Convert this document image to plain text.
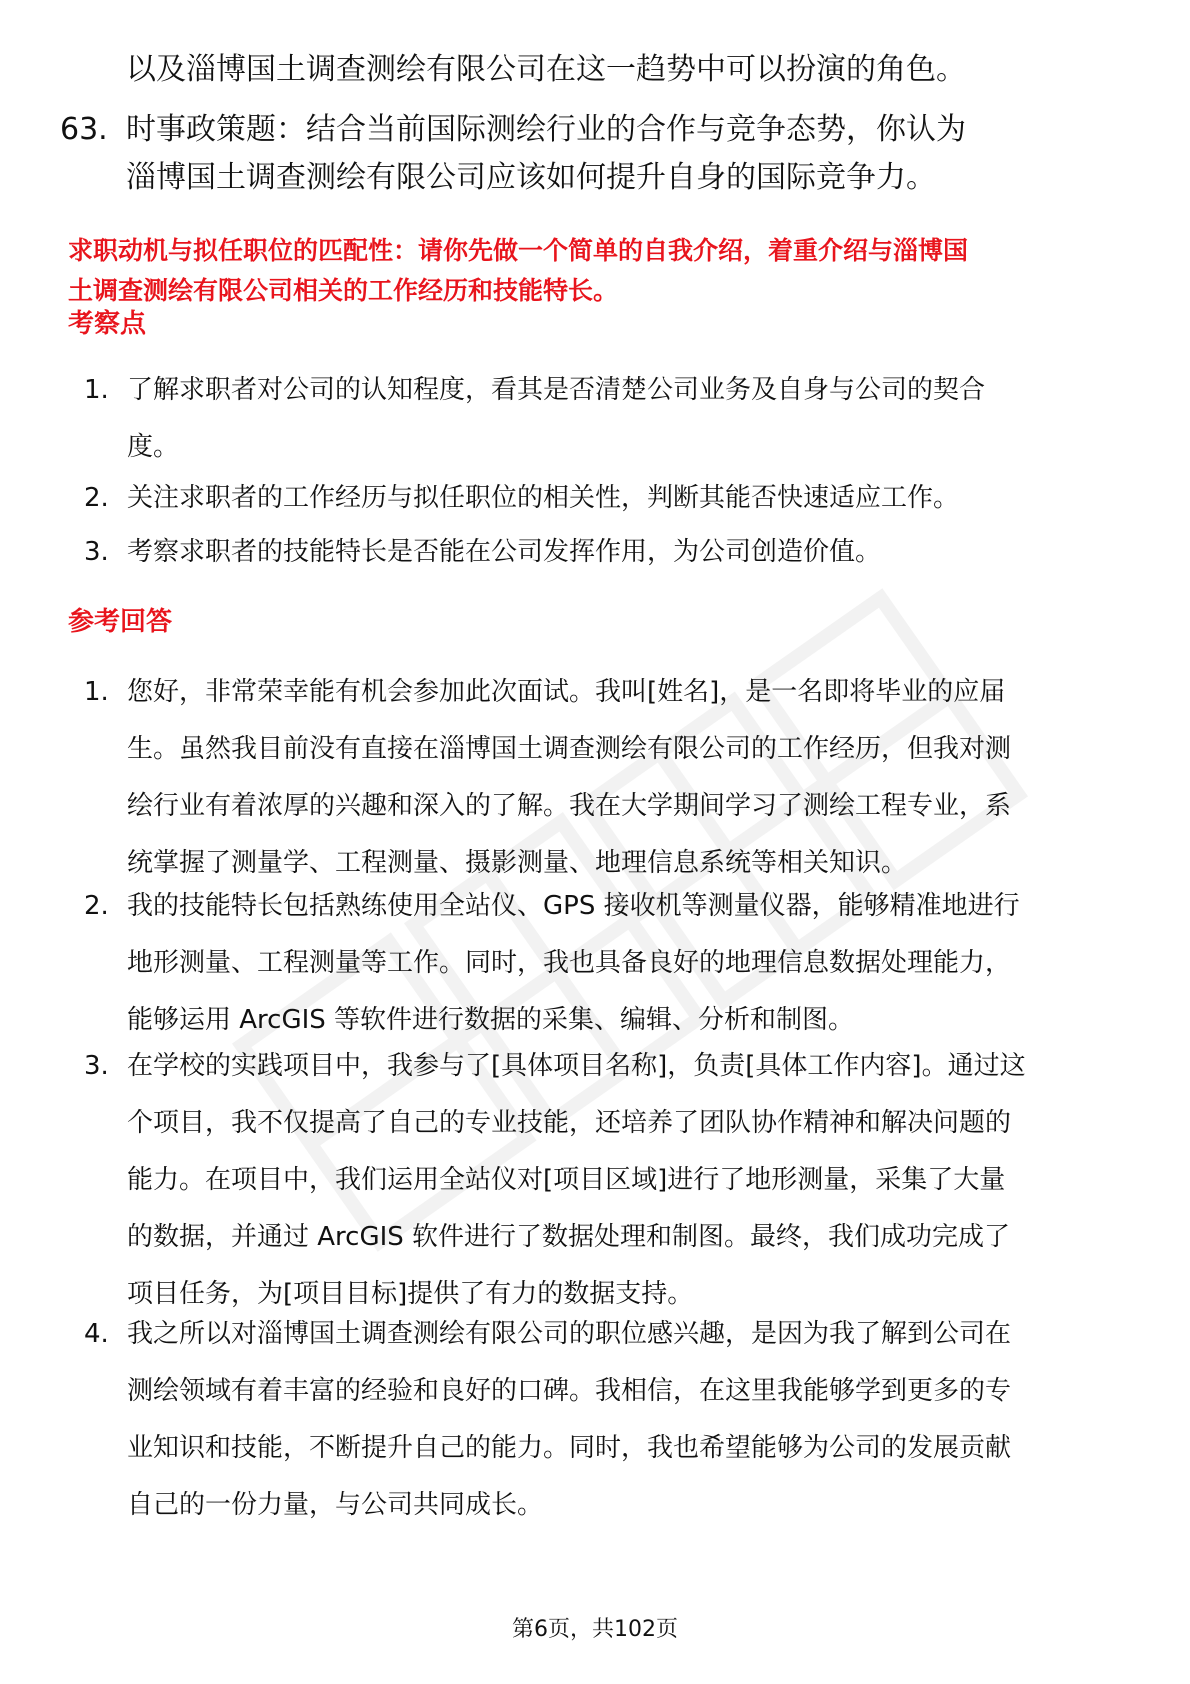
以及淄博国土调查测绘有限公司在这一趋势中可以扮演的角色。
63. 时事政策题：结合当前国际测绘行业的合作与竞争态势，你认为
淄博国土调查测绘有限公司应该如何提升自身的国际竞争力。
求职动机与拟任职位的匹配性：请你先做一个简单的自我介绍，着重介绍与淄博国
土调查测绘有限公司相关的工作经历和技能特长。
考察点
1. 了解求职者对公司的认知程度，看其是否清楚公司业务及自身与公司的契合
度。
2. 关注求职者的工作经历与拟任职位的相关性，判断其能否快速适应工作。
3. 考察求职者的技能特长是否能在公司发挥作用，为公司创造价值。
参考回答
1. 您好，非常荣幸能有机会参加此次面试。我叫[姓名]，是一名即将毕业的应届
生。虽然我目前没有直接在淄博国土调查测绘有限公司的工作经历，但我对测
绘行业有着浓厚的兴趣和深入的了解。我在大学期间学习了测绘工程专业，系
统掌握了测量学、工程测量、摄影测量、地理信息系统等相关知识。
2. 我的技能特长包括熟练使用全站仪、GPS 接收机等测量仪器，能够精准地进行
地形测量、工程测量等工作。同时，我也具备良好的地理信息数据处理能力，
能够运用 ArcGIS 等软件进行数据的采集、编辑、分析和制图。
3. 在学校的实践项目中，我参与了[具体项目名称]，负责[具体工作内容]。通过这
个项目，我不仅提高了自己的专业技能，还培养了团队协作精神和解决问题的
能力。在项目中，我们运用全站仪对[项目区域]进行了地形测量，采集了大量
的数据，并通过 ArcGIS 软件进行了数据处理和制图。最终，我们成功完成了
项目任务，为[项目目标]提供了有力的数据支持。
4. 我之所以对淄博国土调查测绘有限公司的职位感兴趣，是因为我了解到公司在
测绘领域有着丰富的经验和良好的口碑。我相信，在这里我能够学到更多的专
业知识和技能，不断提升自己的能力。同时，我也希望能够为公司的发展贡献
自己的一份力量，与公司共同成长。
第6页，共102页
